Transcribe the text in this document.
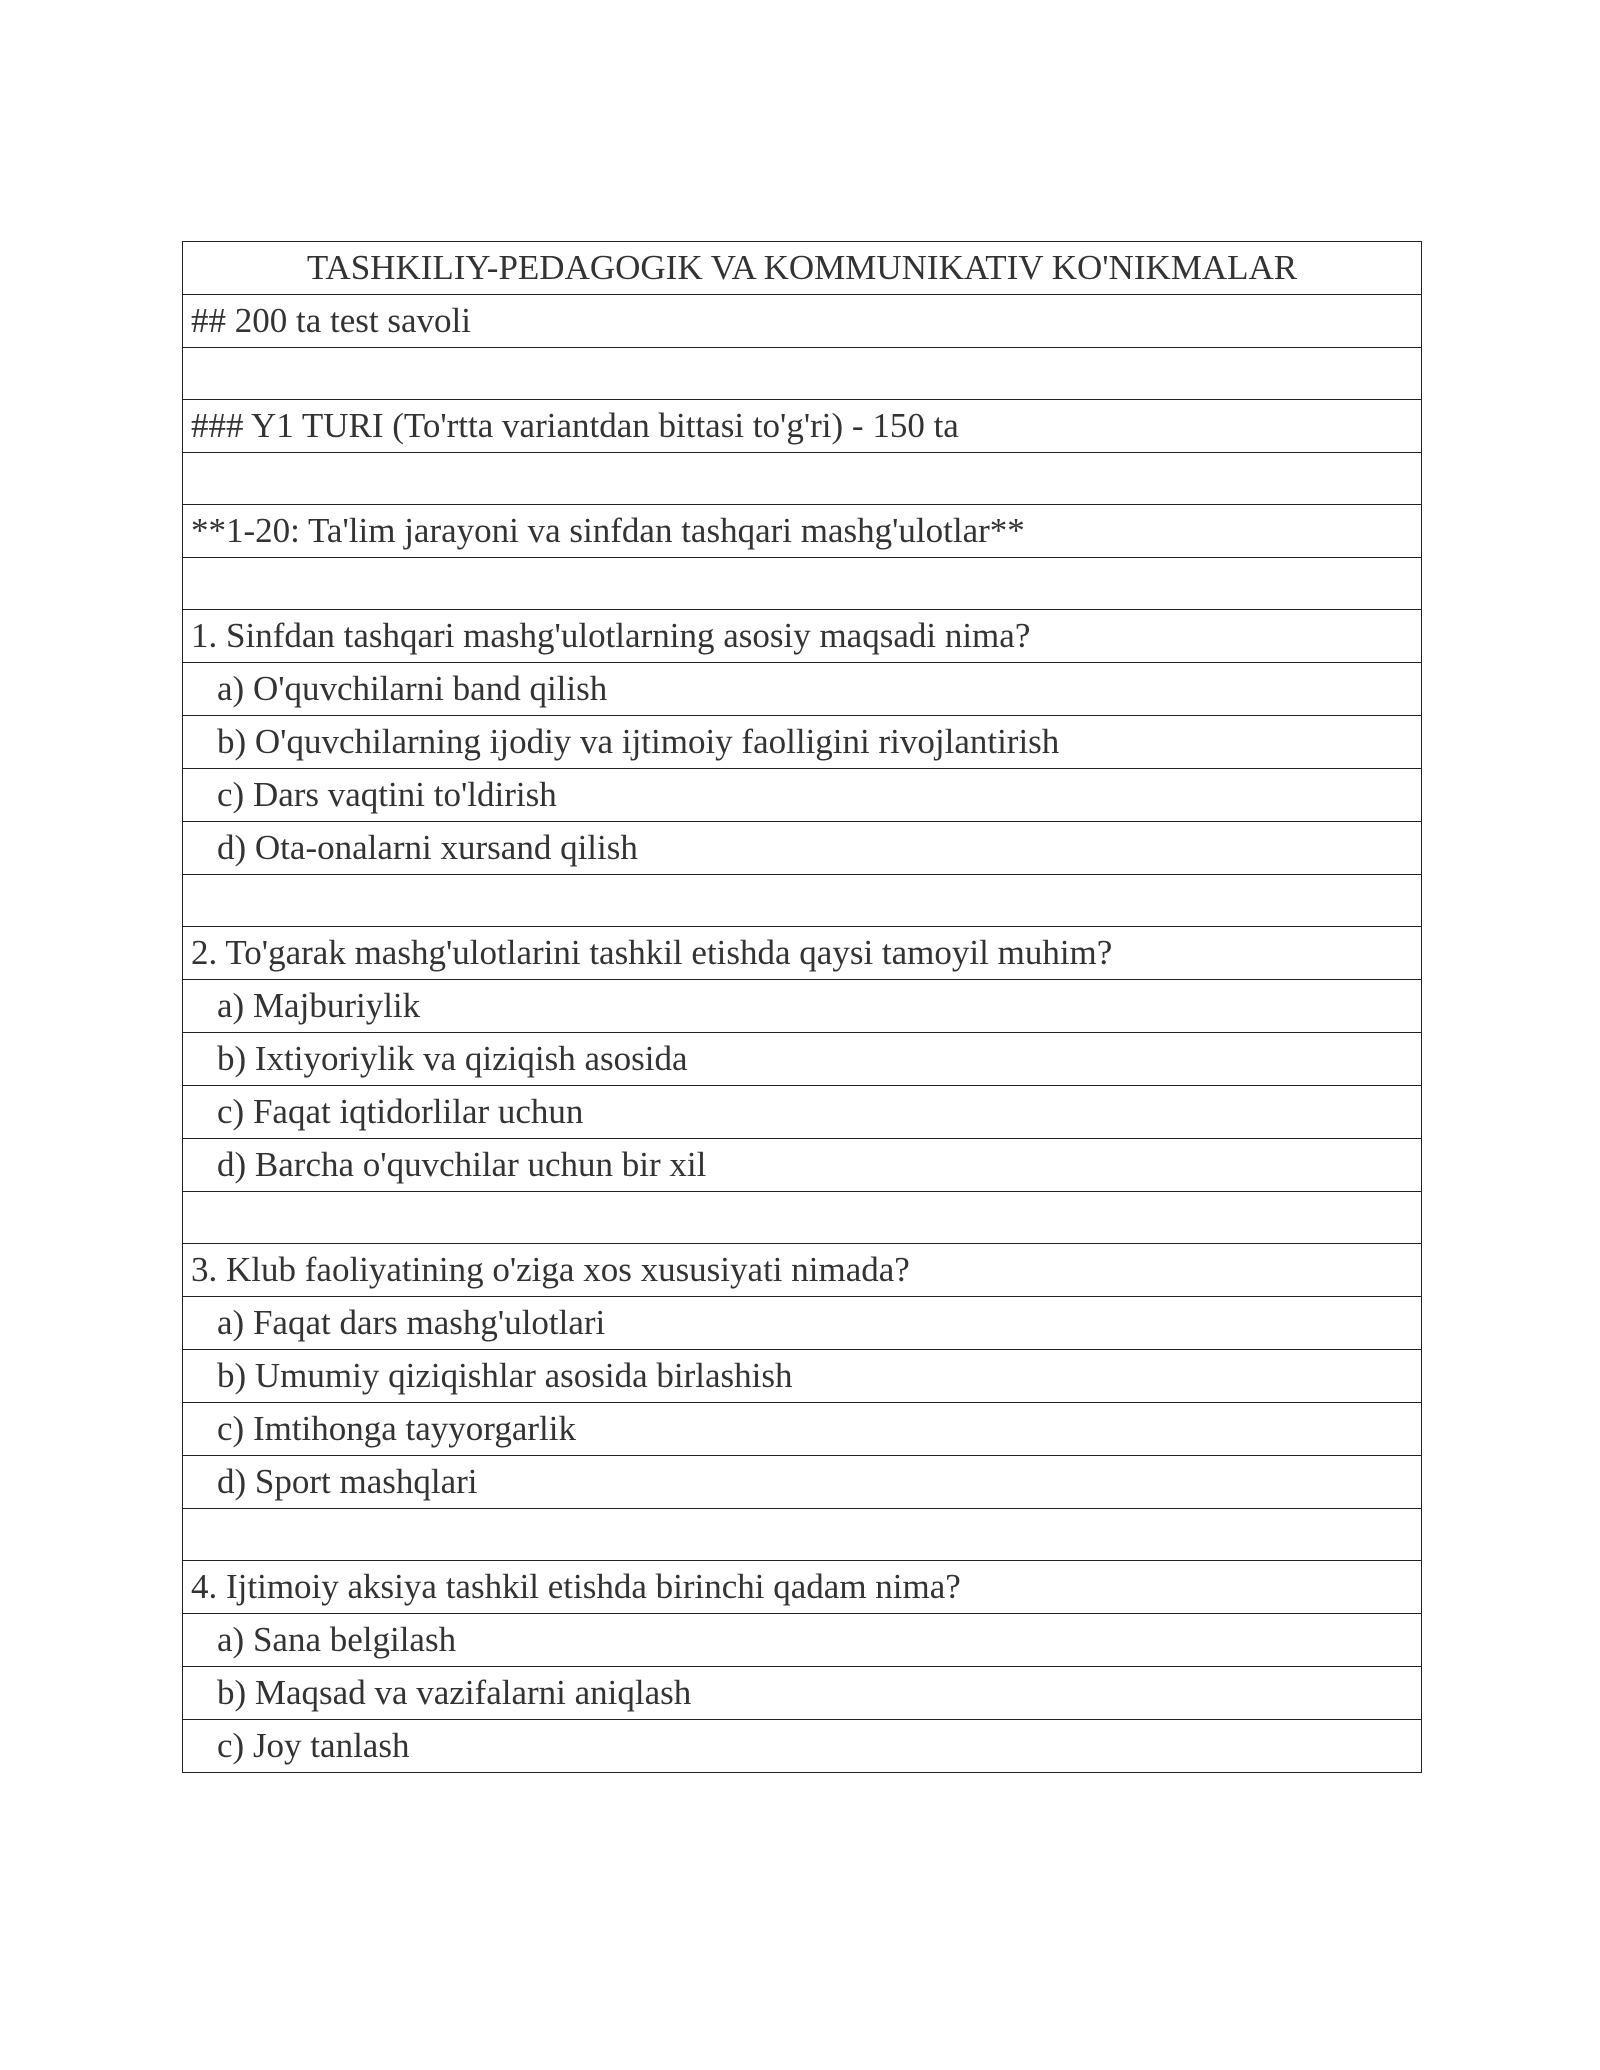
TASHKILIY-PEDAGOGIK VA KOMMUNIKATIV KO'NIKMALAR
## 200 ta test savoli

### Y1 TURI (To'rtta variantdan bittasi to'g'ri) - 150 ta

**1-20: Ta'lim jarayoni va sinfdan tashqari mashg'ulotlar**

1. Sinfdan tashqari mashg'ulotlarning asosiy maqsadi nima?
a) O'quvchilarni band qilish
b) O'quvchilarning ijodiy va ijtimoiy faolligini rivojlantirish
c) Dars vaqtini to'ldirish
d) Ota-onalarni xursand qilish

2. To'garak mashg'ulotlarini tashkil etishda qaysi tamoyil muhim?
a) Majburiylik
b) Ixtiyoriylik va qiziqish asosida
c) Faqat iqtidorlilar uchun
d) Barcha o'quvchilar uchun bir xil

3. Klub faoliyatining o'ziga xos xususiyati nimada?
a) Faqat dars mashg'ulotlari
b) Umumiy qiziqishlar asosida birlashish
c) Imtihonga tayyorgarlik
d) Sport mashqlari

4. Ijtimoiy aksiya tashkil etishda birinchi qadam nima?
a) Sana belgilash
b) Maqsad va vazifalarni aniqlash
c) Joy tanlash
